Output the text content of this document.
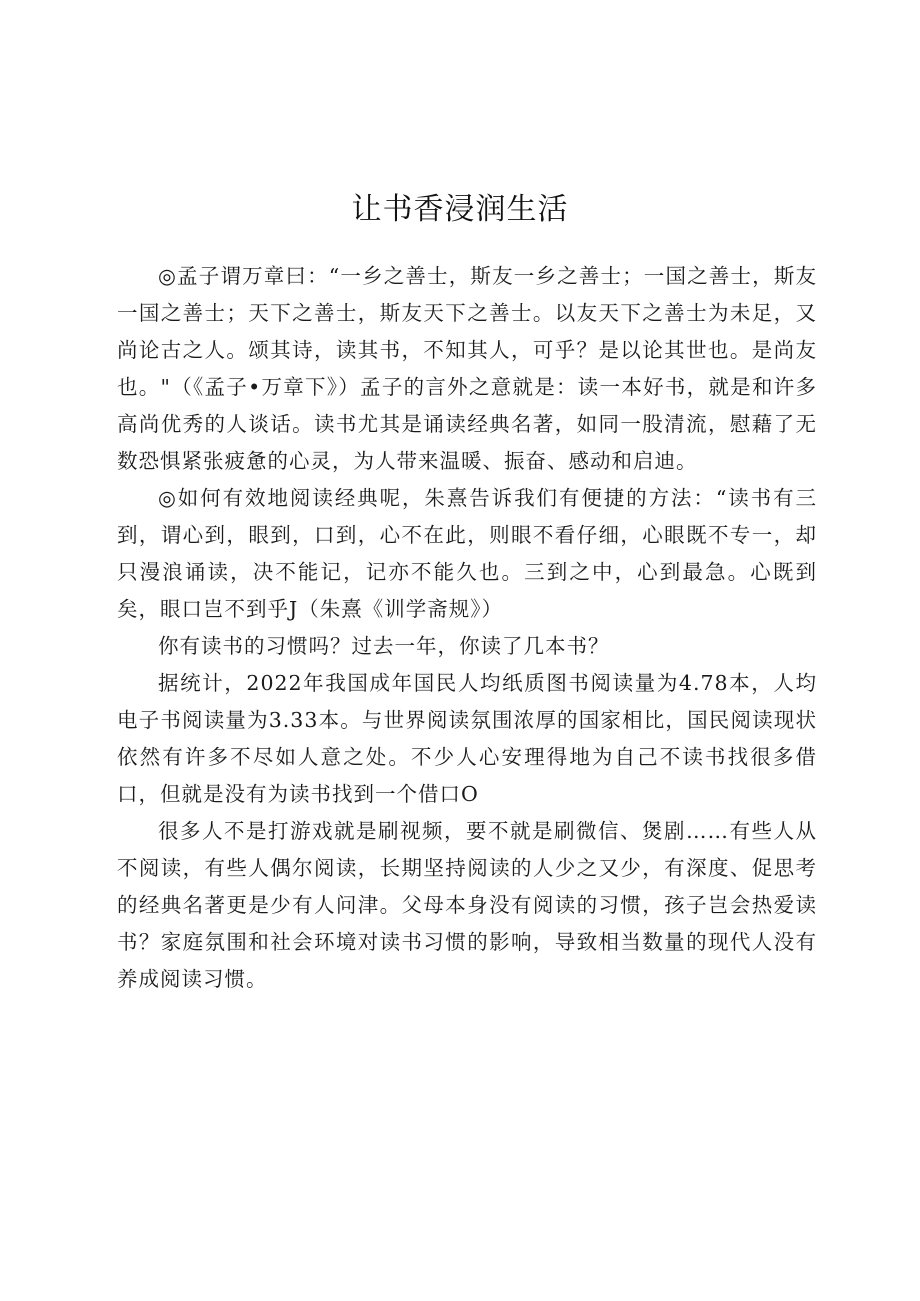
让书香浸润生活

◎孟子谓万章曰：“一乡之善士，斯友一乡之善士；一国之善士，斯友一国之善士；天下之善士，斯友天下之善士。以友天下之善士为未足，又尚论古之人。颂其诗，读其书，不知其人，可乎？是以论其世也。是尚友也。"（《孟子•万章下》）孟子的言外之意就是：读一本好书，就是和许多高尚优秀的人谈话。读书尤其是诵读经典名著，如同一股清流，慰藉了无数恐惧紧张疲惫的心灵，为人带来温暖、振奋、感动和启迪。

◎如何有效地阅读经典呢，朱熹告诉我们有便捷的方法：“读书有三到，谓心到，眼到，口到，心不在此，则眼不看仔细，心眼既不专一，却只漫浪诵读，决不能记，记亦不能久也。三到之中，心到最急。心既到矣，眼口岂不到乎J（朱熹《训学斋规》）

你有读书的习惯吗？过去一年，你读了几本书？

据统计，2022年我国成年国民人均纸质图书阅读量为4.78本，人均电子书阅读量为3.33本。与世界阅读氛围浓厚的国家相比，国民阅读现状依然有许多不尽如人意之处。不少人心安理得地为自己不读书找很多借口，但就是没有为读书找到一个借口O

很多人不是打游戏就是刷视频，要不就是刷微信、煲剧……有些人从不阅读，有些人偶尔阅读，长期坚持阅读的人少之又少，有深度、促思考的经典名著更是少有人问津。父母本身没有阅读的习惯，孩子岂会热爱读书？家庭氛围和社会环境对读书习惯的影响，导致相当数量的现代人没有养成阅读习惯。
